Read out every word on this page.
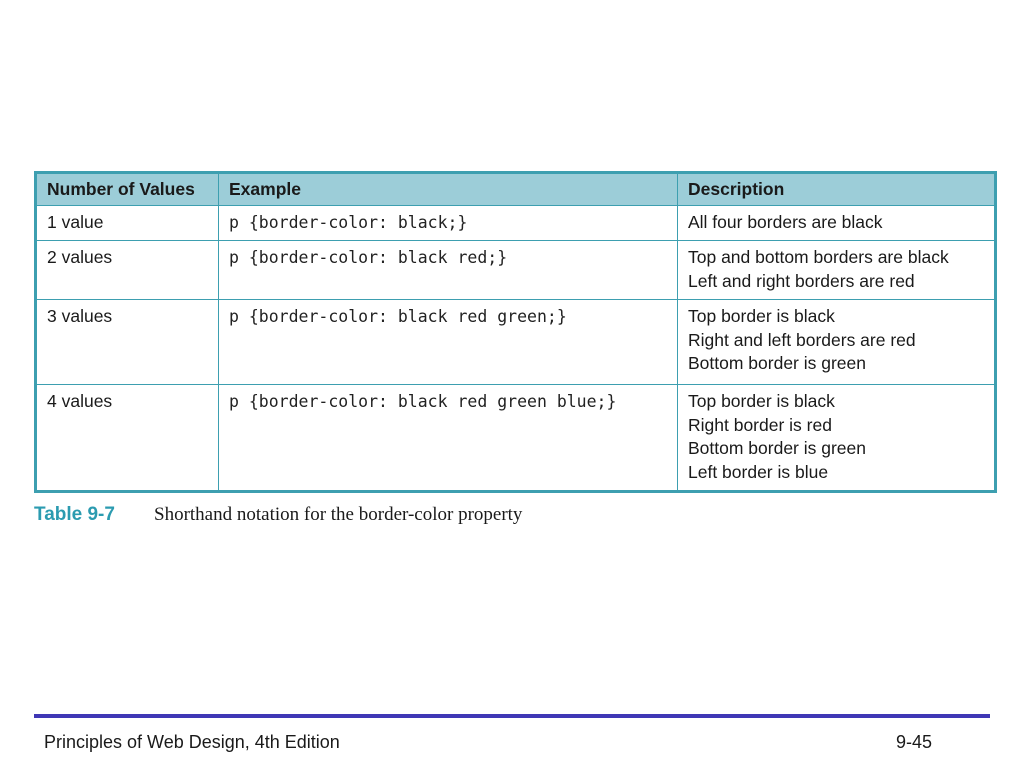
Number of Values	Example	Description
1 value	p {border-color: black;}	All four borders are black

2 values	p {border-color: black red;}	Top and bottom borders are black
Left and right borders are red

3 values	p {border-color: black red green;}	Top border is black
Right and left borders are red
Bottom border is green

4 values	p {border-color: black red green blue;}	Top border is black
Right border is red
Bottom border is green
Left border is blue
Table 9-7 Shorthand notation for the border-color property
Principles of Web Design, 4th Edition	9-45
